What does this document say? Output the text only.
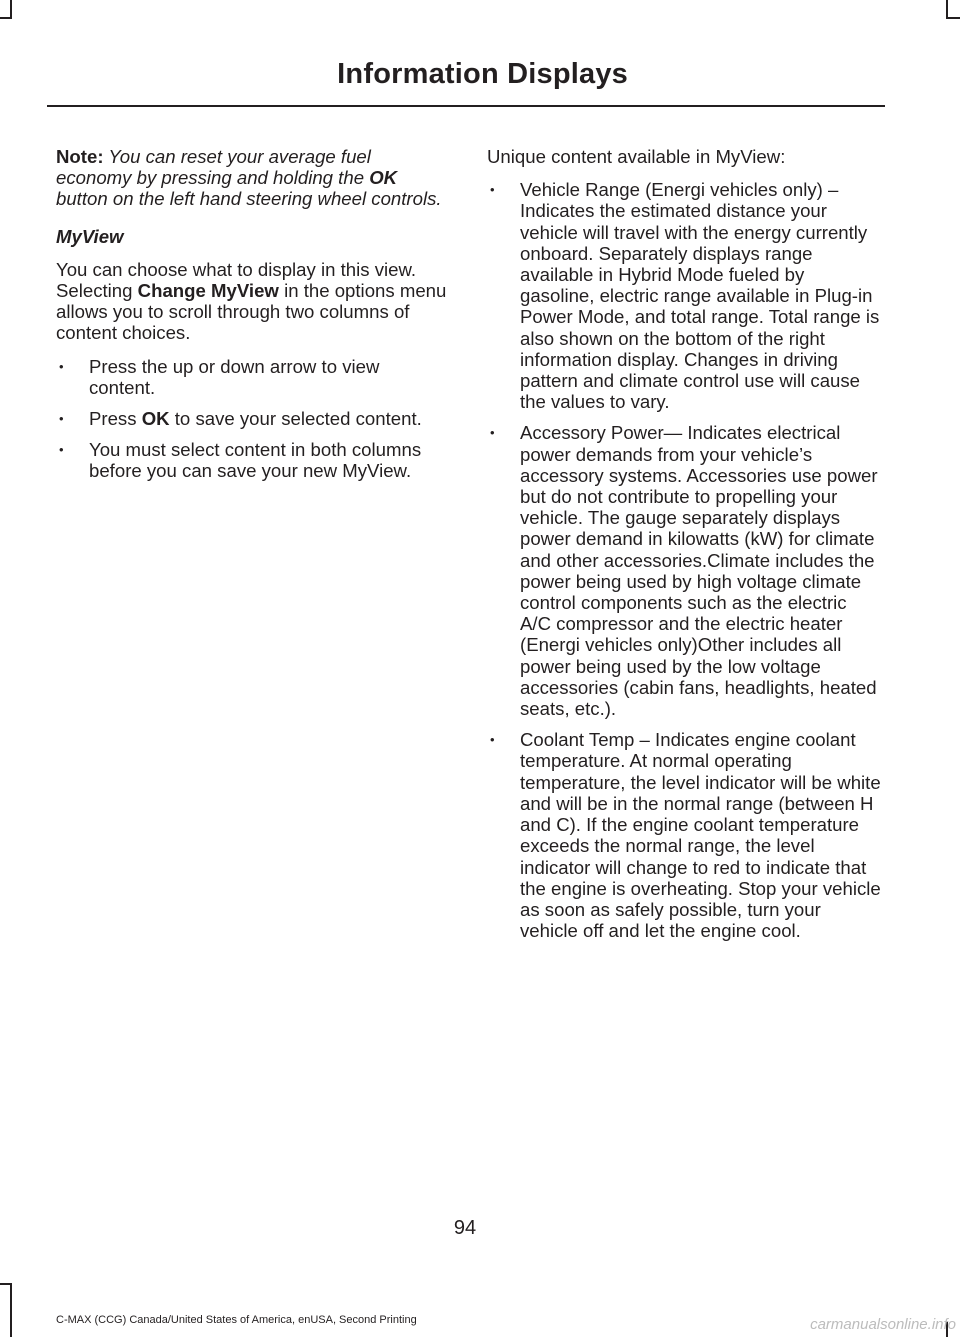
Information Displays

Note: You can reset your average fuel economy by pressing and holding the OK button on the left hand steering wheel controls.

MyView

You can choose what to display in this view. Selecting Change MyView in the options menu allows you to scroll through two columns of content choices.

• Press the up or down arrow to view content.
• Press OK to save your selected content.
• You must select content in both columns before you can save your new MyView.

Unique content available in MyView:

• Vehicle Range (Energi vehicles only) – Indicates the estimated distance your vehicle will travel with the energy currently onboard. Separately displays range available in Hybrid Mode fueled by gasoline, electric range available in Plug-in Power Mode, and total range. Total range is also shown on the bottom of the right information display. Changes in driving pattern and climate control use will cause the values to vary.
• Accessory Power— Indicates electrical power demands from your vehicle’s accessory systems. Accessories use power but do not contribute to propelling your vehicle. The gauge separately displays power demand in kilowatts (kW) for climate and other accessories.Climate includes the power being used by high voltage climate control components such as the electric A/C compressor and the electric heater (Energi vehicles only)Other includes all power being used by the low voltage accessories (cabin fans, headlights, heated seats, etc.).
• Coolant Temp – Indicates engine coolant temperature. At normal operating temperature, the level indicator will be white and will be in the normal range (between H and C). If the engine coolant temperature exceeds the normal range, the level indicator will change to red to indicate that the engine is overheating. Stop your vehicle as soon as safely possible, turn your vehicle off and let the engine cool.
94
C-MAX (CCG) Canada/United States of America, enUSA, Second Printing	carmanualsonline.info
